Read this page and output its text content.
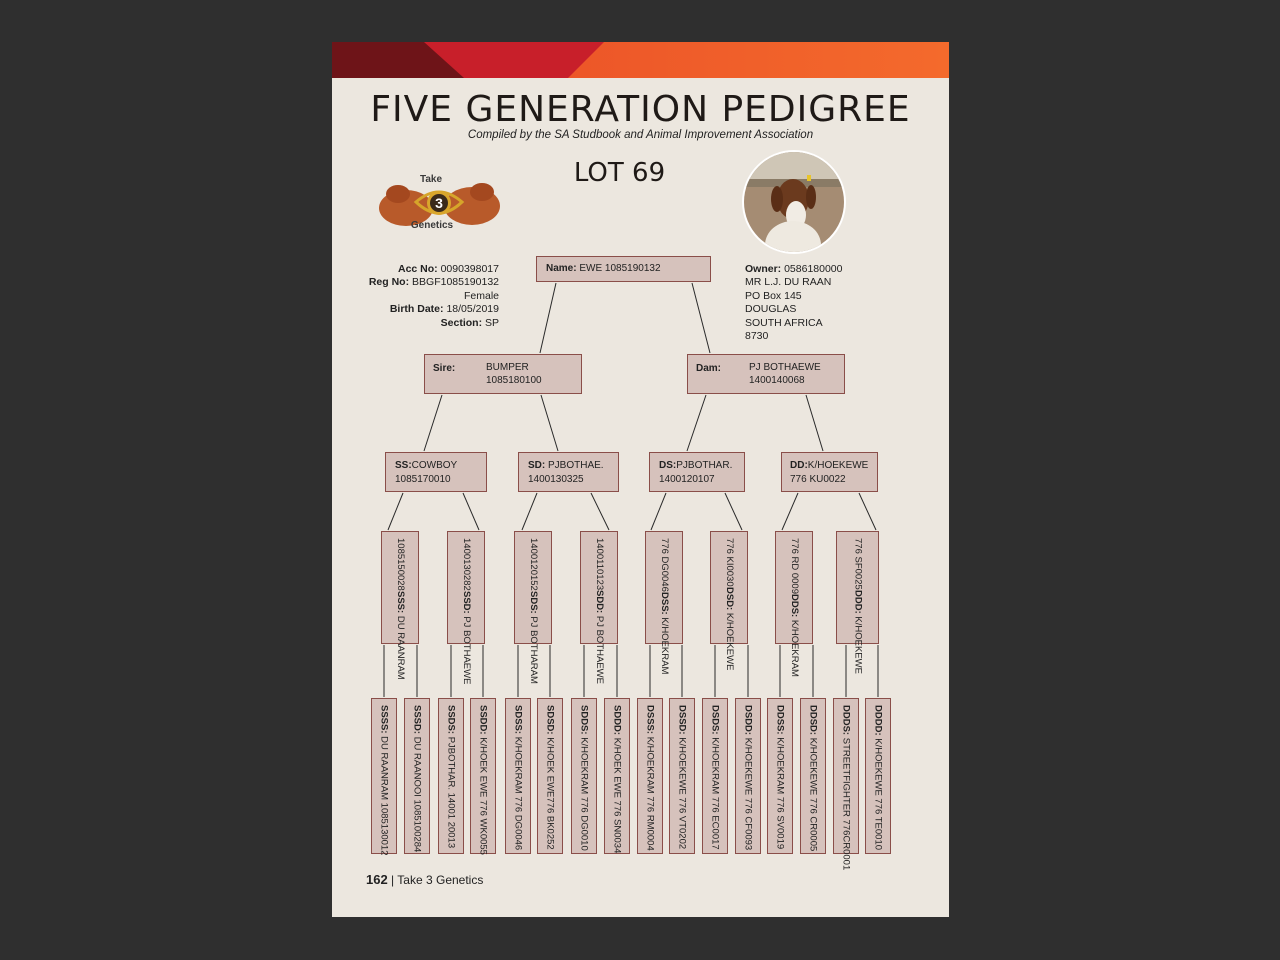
FIVE GENERATION PEDIGREE
Compiled by the SA Studbook and Animal Improvement Association
LOT 69
3
Take
Genetics
Acc No: 0090398017
Reg No: BBGF1085190132
Female
Birth Date: 18/05/2019
Section: SP
Owner: 0586180000
MR L.J. DU RAAN
PO Box 145
DOUGLAS
SOUTH AFRICA
8730
Name: EWE 1085190132
Sire:	BUMPER
1085180100
Dam:	PJ BOTHAEWE
1400140068
SS:COWBOY
1085170010
SD: PJBOTHAE.
1400130325
DS:PJBOTHAR.
1400120107
DD:K/HOEKEWE
776 KU0022
SSS: DU RAANRAM
1085150028
SSD: PJ BOTHAEWE
1400130282
SDS: PJ BOTHARAM
1400120152
SDD: PJ BOTHAEWE
1400110123
DSS: K/HOEKRAM
776 DG0046
DSD: K/HOEKEWE
776 KI0030
DDS: K/HOEKRAM
776 RD 0009
DDD: K/HOEKEWE
776 SF0025
SSSS: DU RAANRAM 1085130012
SSSD: DU RAANOOI 1085100284
SSDS: PJBOTHAR. 14001 20013
SSDD: K/HOEK EWE 776 WK0055
SDSS: K/HOEKRAM 776 DG0046
SDSD: K/HOEK EWE776 BK0252
SDDS: K/HOEKRAM 776 DG0010
SDDD: K/HOEK EWE 776 SN0034
DSSS: K/HOEKRAM 776 RM0004
DSSD: K/HOEKEWE 776 VT0202
DSDS: K/HOEKRAM 776 EC0017
DSDD: K/HOEKEWE 776 CF0093
DDSS: K/HOEKRAM 776 SV0019
DDSD: K/HOEKEWE 776 CR0005
DDDS: STREETFIGHTER 776CR0001
DDDD: K/HOEKEWE 776 TE0010
162 | Take 3 Genetics
